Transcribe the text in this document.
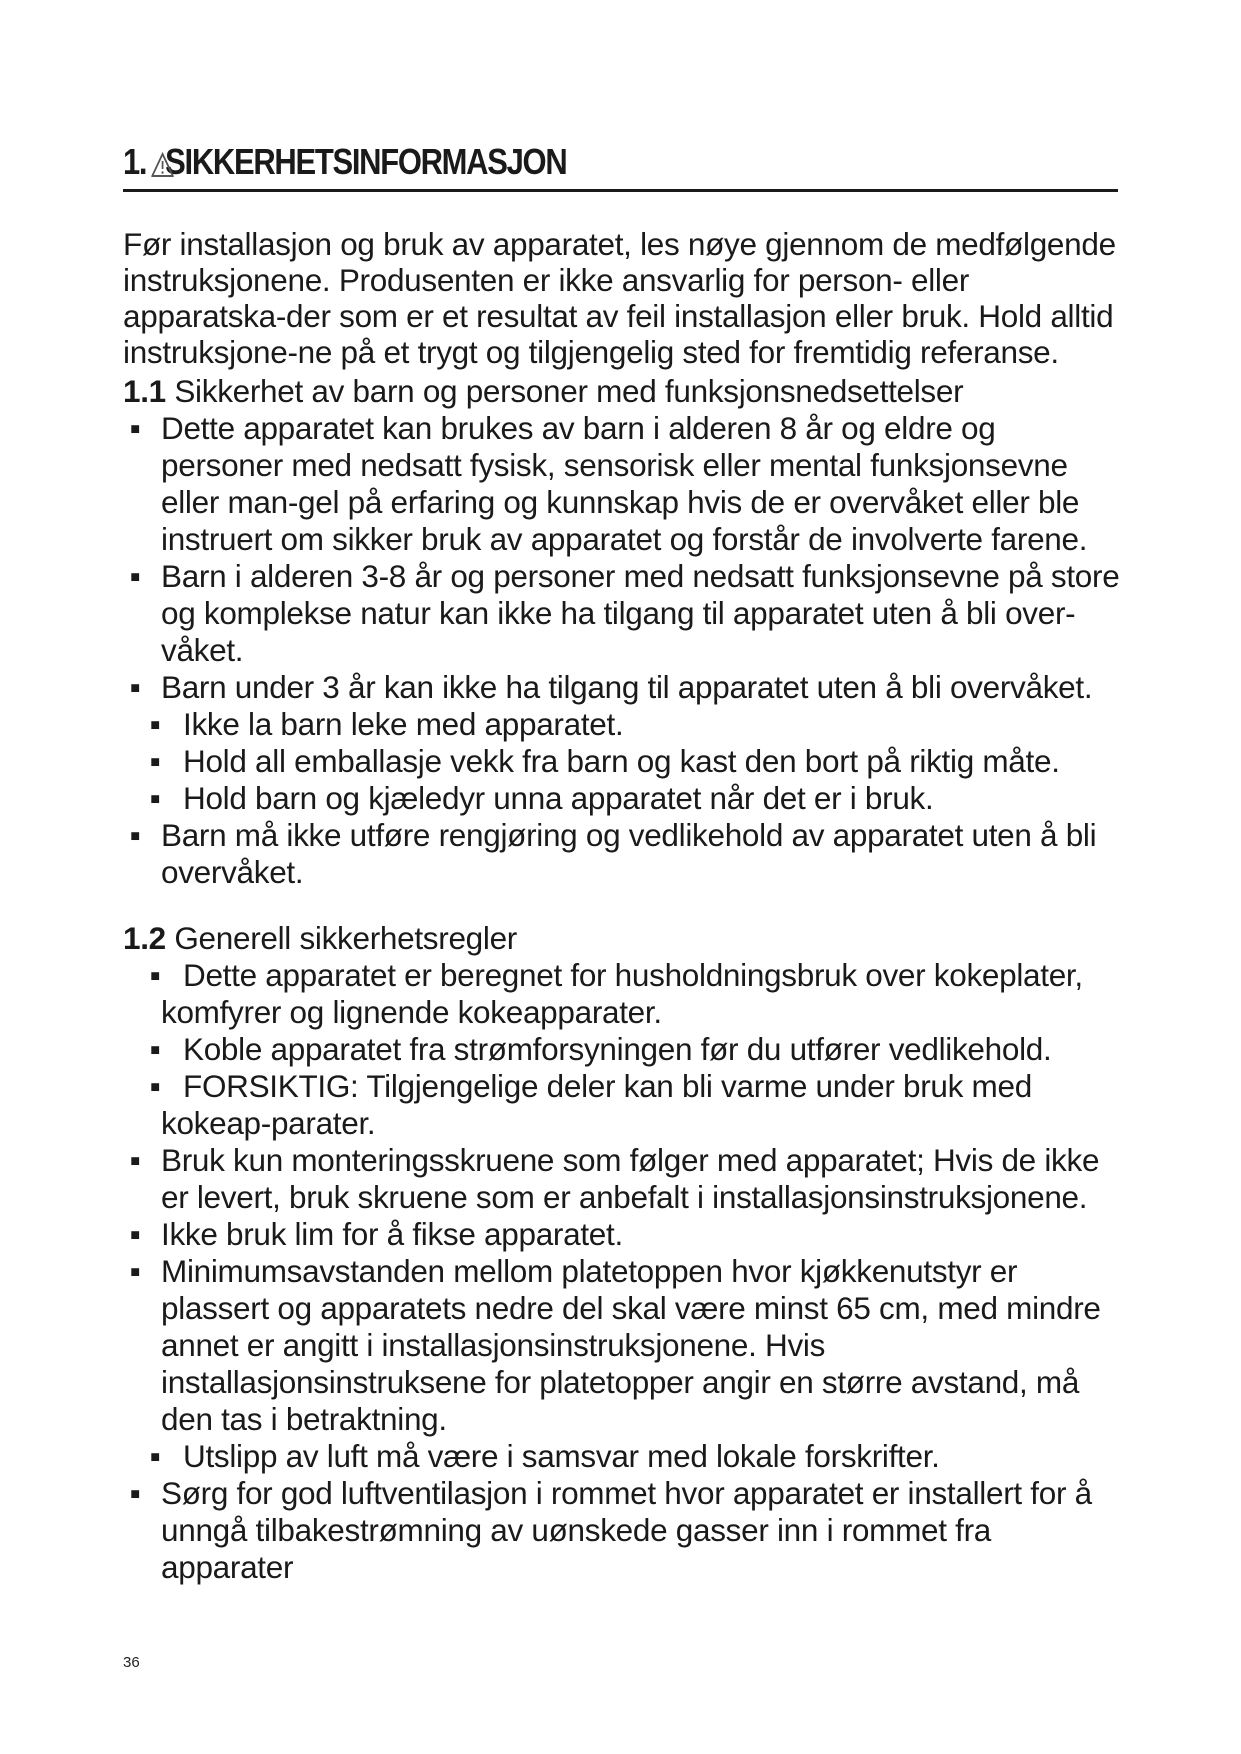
1. SIKKERHETSINFORMASJON

Før installasjon og bruk av apparatet, les nøye gjennom de medfølgende instruksjonene. Produsenten er ikke ansvarlig for person- eller apparatska-der som er et resultat av feil installasjon eller bruk. Hold alltid instruksjone-ne på et trygt og tilgjengelig sted for fremtidig referanse.

1.1 Sikkerhet av barn og personer med funksjonsnedsettelser

▪ Dette apparatet kan brukes av barn i alderen 8 år og eldre og personer med nedsatt fysisk, sensorisk eller mental funksjonsevne eller man-gel på erfaring og kunnskap hvis de er overvåket eller ble instruert om sikker bruk av apparatet og forstår de involverte farene.
▪ Barn i alderen 3-8 år og personer med nedsatt funksjonsevne på store og komplekse natur kan ikke ha tilgang til apparatet uten å bli over-våket.
▪ Barn under 3 år kan ikke ha tilgang til apparatet uten å bli overvåket.
▪ Ikke la barn leke med apparatet.
▪ Hold all emballasje vekk fra barn og kast den bort på riktig måte.
▪ Hold barn og kjæledyr unna apparatet når det er i bruk.
▪ Barn må ikke utføre rengjøring og vedlikehold av apparatet uten å bli overvåket.

1.2 Generell sikkerhetsregler

▪ Dette apparatet er beregnet for husholdningsbruk over kokeplater, komfyrer og lignende kokeapparater.
▪ Koble apparatet fra strømforsyningen før du utfører vedlikehold.
▪ FORSIKTIG: Tilgjengelige deler kan bli varme under bruk med kokeap-parater.
▪ Bruk kun monteringsskruene som følger med apparatet; Hvis de ikke er levert, bruk skruene som er anbefalt i installasjonsinstruksjonene.
▪ Ikke bruk lim for å fikse apparatet.
▪ Minimumsavstanden mellom platetoppen hvor kjøkkenutstyr er plassert og apparatets nedre del skal være minst 65 cm, med mindre annet er angitt i installasjonsinstruksjonene. Hvis installasjonsinstruksene for platetopper angir en større avstand, må den tas i betraktning.
▪ Utslipp av luft må være i samsvar med lokale forskrifter.
▪ Sørg for god luftventilasjon i rommet hvor apparatet er installert for å unngå tilbakestrømning av uønskede gasser inn i rommet fra apparater
36
